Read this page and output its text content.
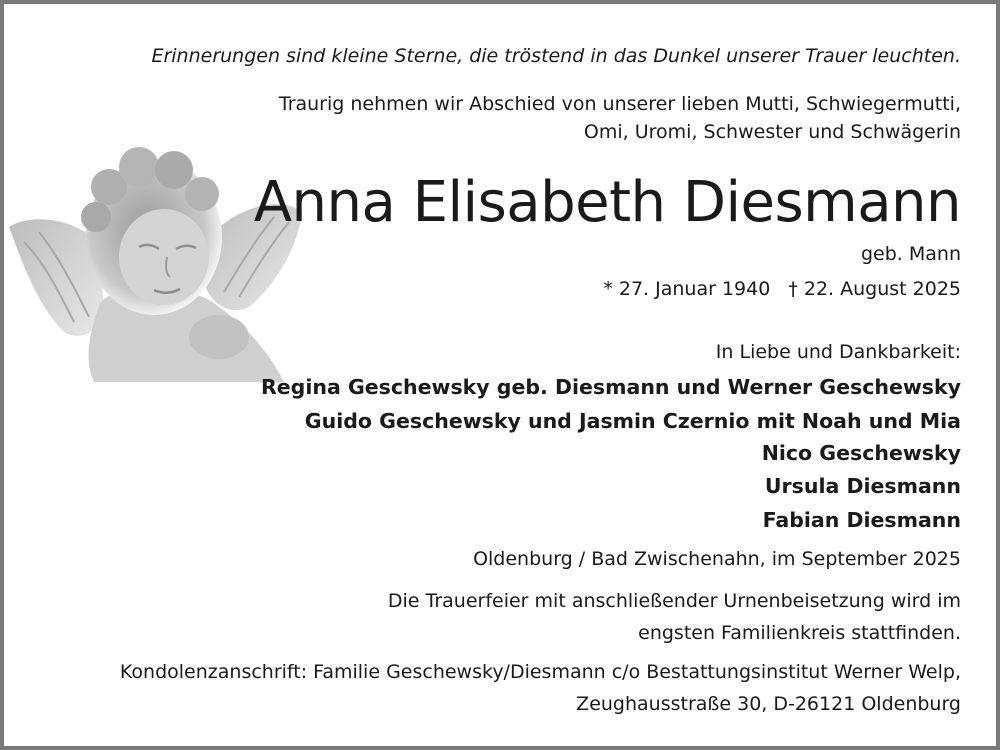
Erinnerungen sind kleine Sterne, die tröstend in das Dunkel unserer Trauer leuchten.
Traurig nehmen wir Abschied von unserer lieben Mutti, Schwiegermutti,
Omi, Uromi, Schwester und Schwägerin
Anna Elisabeth Diesmann
geb. Mann
* 27. Januar 1940 † 22. August 2025
In Liebe und Dankbarkeit:
Regina Geschewsky geb. Diesmann und Werner Geschewsky
Guido Geschewsky und Jasmin Czernio mit Noah und Mia
Nico Geschewsky
Ursula Diesmann
Fabian Diesmann
Oldenburg / Bad Zwischenahn, im September 2025
Die Trauerfeier mit anschließender Urnenbeisetzung wird im
engsten Familienkreis stattfinden.
Kondolenzanschrift: Familie Geschewsky/Diesmann c/o Bestattungsinstitut Werner Welp,
Zeughausstraße 30, D-26121 Oldenburg
